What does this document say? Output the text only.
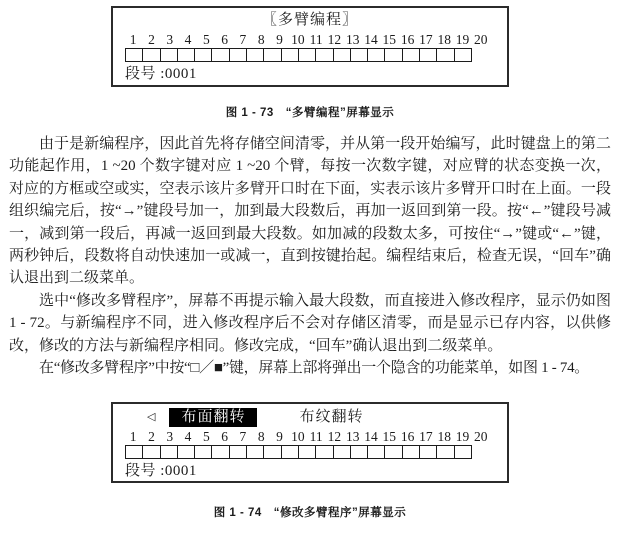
〖多臂编程〗
1 2 3 4 5 6 7 8 9 10 11 12 13 14 15 16 17 18 19 20
段号 :0001
图 1 - 73　“多臂编程”屏幕显示

由于是新编程序，因此首先将存储空间清零，并从第一段开始编写，此时键盘上的第二功能起作用，1 ~20 个数字键对应 1 ~20 个臂，每按一次数字键，对应臂的状态变换一次，对应的方框或空或实，空表示该片多臂开口时在下面，实表示该片多臂开口时在上面。一段组织编完后，按“→”键段号加一，加到最大段数后，再加一返回到第一段。按“←”键段号减一，减到第一段后，再减一返回到最大段数。如加减的段数太多，可按住“→”键或“←”键，两秒钟后，段数将自动快速加一或减一，直到按键抬起。编程结束后，检查无误，“回车”确认退出到二级菜单。

选中“修改多臂程序”，屏幕不再提示输入最大段数，而直接进入修改程序，显示仍如图 1 - 72。与新编程序不同，进入修改程序后不会对存储区清零，而是显示已存内容，以供修改，修改的方法与新编程序相同。修改完成，“回车”确认退出到二级菜单。

在“修改多臂程序”中按“□／■”键，屏幕上部将弹出一个隐含的功能菜单，如图 1 - 74。

◁	布面翻转	布纹翻转
1 2 3 4 5 6 7 8 9 10 11 12 13 14 15 16 17 18 19 20
段号 :0001
图 1 - 74　“修改多臂程序”屏幕显示
